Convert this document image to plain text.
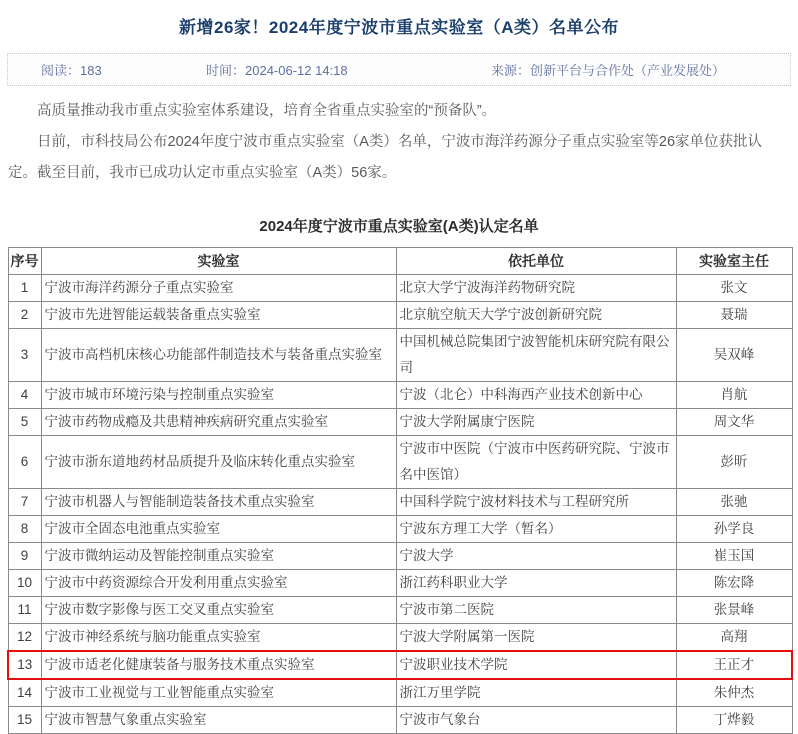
新增26家！2024年度宁波市重点实验室（A类）名单公布
阅读：183	时间：2024-06-12 14:18	来源：创新平台与合作处（产业发展处）

高质量推动我市重点实验室体系建设，培育全省重点实验室的“预备队”。

日前，市科技局公布2024年度宁波市重点实验室（A类）名单，宁波市海洋药源分子重点实验室等26家单位获批认定。截至目前，我市已成功认定市重点实验室（A类）56家。

2024年度宁波市重点实验室(A类)认定名单
序号	实验室	依托单位	实验室主任
1	宁波市海洋药源分子重点实验室	北京大学宁波海洋药物研究院	张文
2	宁波市先进智能运载装备重点实验室	北京航空航天大学宁波创新研究院	聂瑞
3	宁波市高档机床核心功能部件制造技术与装备重点实验室	中国机械总院集团宁波智能机床研究院有限公司	吴双峰
4	宁波市城市环境污染与控制重点实验室	宁波（北仑）中科海西产业技术创新中心	肖航
5	宁波市药物成瘾及共患精神疾病研究重点实验室	宁波大学附属康宁医院	周文华
6	宁波市浙东道地药材品质提升及临床转化重点实验室	宁波市中医院（宁波市中医药研究院、宁波市名中医馆）	彭昕
7	宁波市机器人与智能制造装备技术重点实验室	中国科学院宁波材料技术与工程研究所	张驰
8	宁波市全固态电池重点实验室	宁波东方理工大学（暂名）	孙学良
9	宁波市微纳运动及智能控制重点实验室	宁波大学	崔玉国
10	宁波市中药资源综合开发利用重点实验室	浙江药科职业大学	陈宏降
11	宁波市数字影像与医工交叉重点实验室	宁波市第二医院	张景峰
12	宁波市神经系统与脑功能重点实验室	宁波大学附属第一医院	高翔
13	宁波市适老化健康装备与服务技术重点实验室	宁波职业技术学院	王正才
14	宁波市工业视觉与工业智能重点实验室	浙江万里学院	朱仲杰
15	宁波市智慧气象重点实验室	宁波市气象台	丁烨毅
